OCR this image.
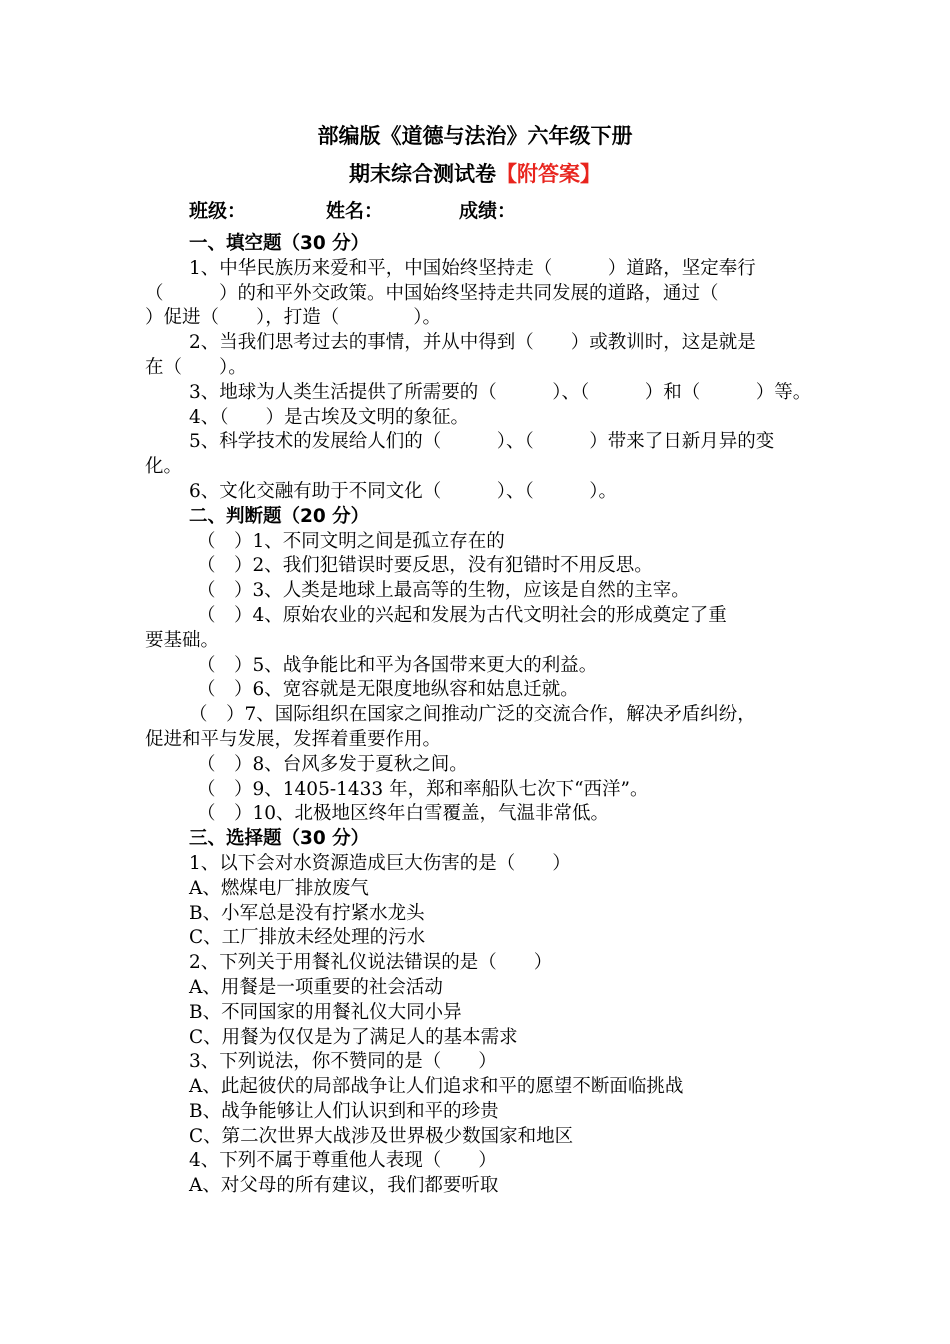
部编版《道德与法治》六年级下册
期末综合测试卷【附答案】
班级：	姓名：	成绩：

一、填空题（30 分）

1、中华民族历来爱和平，中国始终坚持走（　　　）道路，坚定奉行

（　　　）的和平外交政策。中国始终坚持走共同发展的道路，通过（

）促进（　　），打造（　　　　）。

2、当我们思考过去的事情，并从中得到（　　）或教训时，这是就是

在（　　）。

3、地球为人类生活提供了所需要的（　　　）、（　　　）和（　　　）等。

4、（　　）是古埃及文明的象征。

5、科学技术的发展给人们的（　　　）、（　　　）带来了日新月异的变

化。

6、文化交融有助于不同文化（　　　）、（　　　）。

二、判断题（20 分）

（　）1、不同文明之间是孤立存在的

（　）2、我们犯错误时要反思，没有犯错时不用反思。

（　）3、人类是地球上最高等的生物，应该是自然的主宰。

（　）4、原始农业的兴起和发展为古代文明社会的形成奠定了重

要基础。

（　）5、战争能比和平为各国带来更大的利益。

（　）6、宽容就是无限度地纵容和姑息迁就。

（　）7、国际组织在国家之间推动广泛的交流合作，解决矛盾纠纷，

促进和平与发展，发挥着重要作用。

（　）8、台风多发于夏秋之间。

（　）9、1405-1433 年，郑和率船队七次下“西洋”。

（　）10、北极地区终年白雪覆盖，气温非常低。

三、选择题（30 分）

1、以下会对水资源造成巨大伤害的是（　　）

A、燃煤电厂排放废气

B、小军总是没有拧紧水龙头

C、工厂排放未经处理的污水

2、下列关于用餐礼仪说法错误的是（　　）

A、用餐是一项重要的社会活动

B、不同国家的用餐礼仪大同小异

C、用餐为仅仅是为了满足人的基本需求

3、下列说法，你不赞同的是（　　）

A、此起彼伏的局部战争让人们追求和平的愿望不断面临挑战

B、战争能够让人们认识到和平的珍贵

C、第二次世界大战涉及世界极少数国家和地区

4、下列不属于尊重他人表现（　　）

A、对父母的所有建议，我们都要听取
